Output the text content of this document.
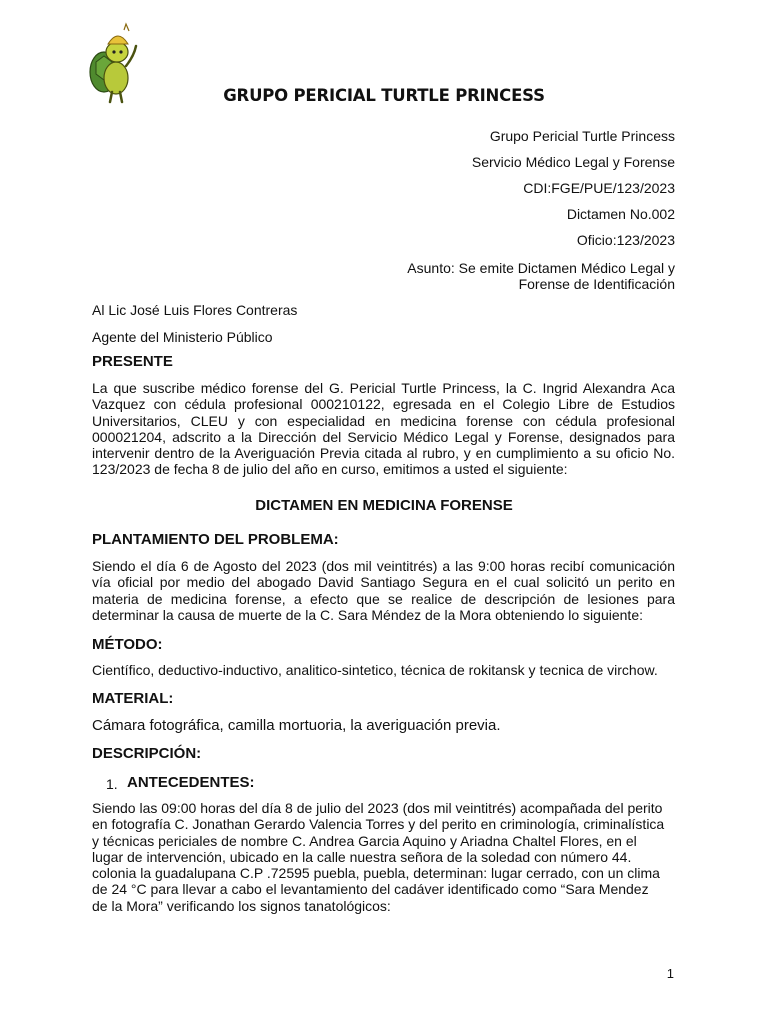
GRUPO PERICIAL TURTLE PRINCESS
Grupo Pericial Turtle Princess
Servicio Médico Legal y Forense
CDI:FGE/PUE/123/2023
Dictamen No.002
Oficio:123/2023
Asunto: Se emite Dictamen Médico Legal y
Forense de Identificación
Al Lic José Luis Flores Contreras
Agente del Ministerio Público
PRESENTE
La que suscribe médico forense del G. Pericial Turtle Princess, la C. Ingrid Alexandra Aca
Vazquez con cédula profesional 000210122, egresada en el Colegio Libre de Estudios
Universitarios, CLEU y con especialidad en medicina forense con cédula profesional
000021204, adscrito a la Dirección del Servicio Médico Legal y Forense, designados para
intervenir dentro de la Averiguación Previa citada al rubro, y en cumplimiento a su oficio No.
123/2023 de fecha 8 de julio del año en curso, emitimos a usted el siguiente:
DICTAMEN EN MEDICINA FORENSE
PLANTAMIENTO DEL PROBLEMA:
Siendo el día 6 de Agosto del 2023 (dos mil veintitrés) a las 9:00 horas recibí comunicación
vía oficial por medio del abogado David Santiago Segura en el cual solicitó un perito en
materia de medicina forense, a efecto que se realice de descripción de lesiones para
determinar la causa de muerte de la C. Sara Méndez de la Mora obteniendo lo siguiente:
MÉTODO:
Científico, deductivo-inductivo, analitico-sintetico, técnica de rokitansk y tecnica de virchow.
MATERIAL:
Cámara fotográfica, camilla mortuoria, la averiguación previa.
DESCRIPCIÓN:
1. ANTECEDENTES:
Siendo las 09:00 horas del día 8 de julio del 2023 (dos mil veintitrés) acompañada del perito
en fotografía C. Jonathan Gerardo Valencia Torres y del perito en criminología, criminalística
y técnicas periciales de nombre C. Andrea Garcia Aquino y Ariadna Chaltel Flores, en el
lugar de intervención, ubicado en la calle nuestra señora de la soledad con número 44.
colonia la guadalupana C.P .72595 puebla, puebla, determinan: lugar cerrado, con un clima
de 24 °C para llevar a cabo el levantamiento del cadáver identificado como “Sara Mendez
de la Mora” verificando los signos tanatológicos:
1
